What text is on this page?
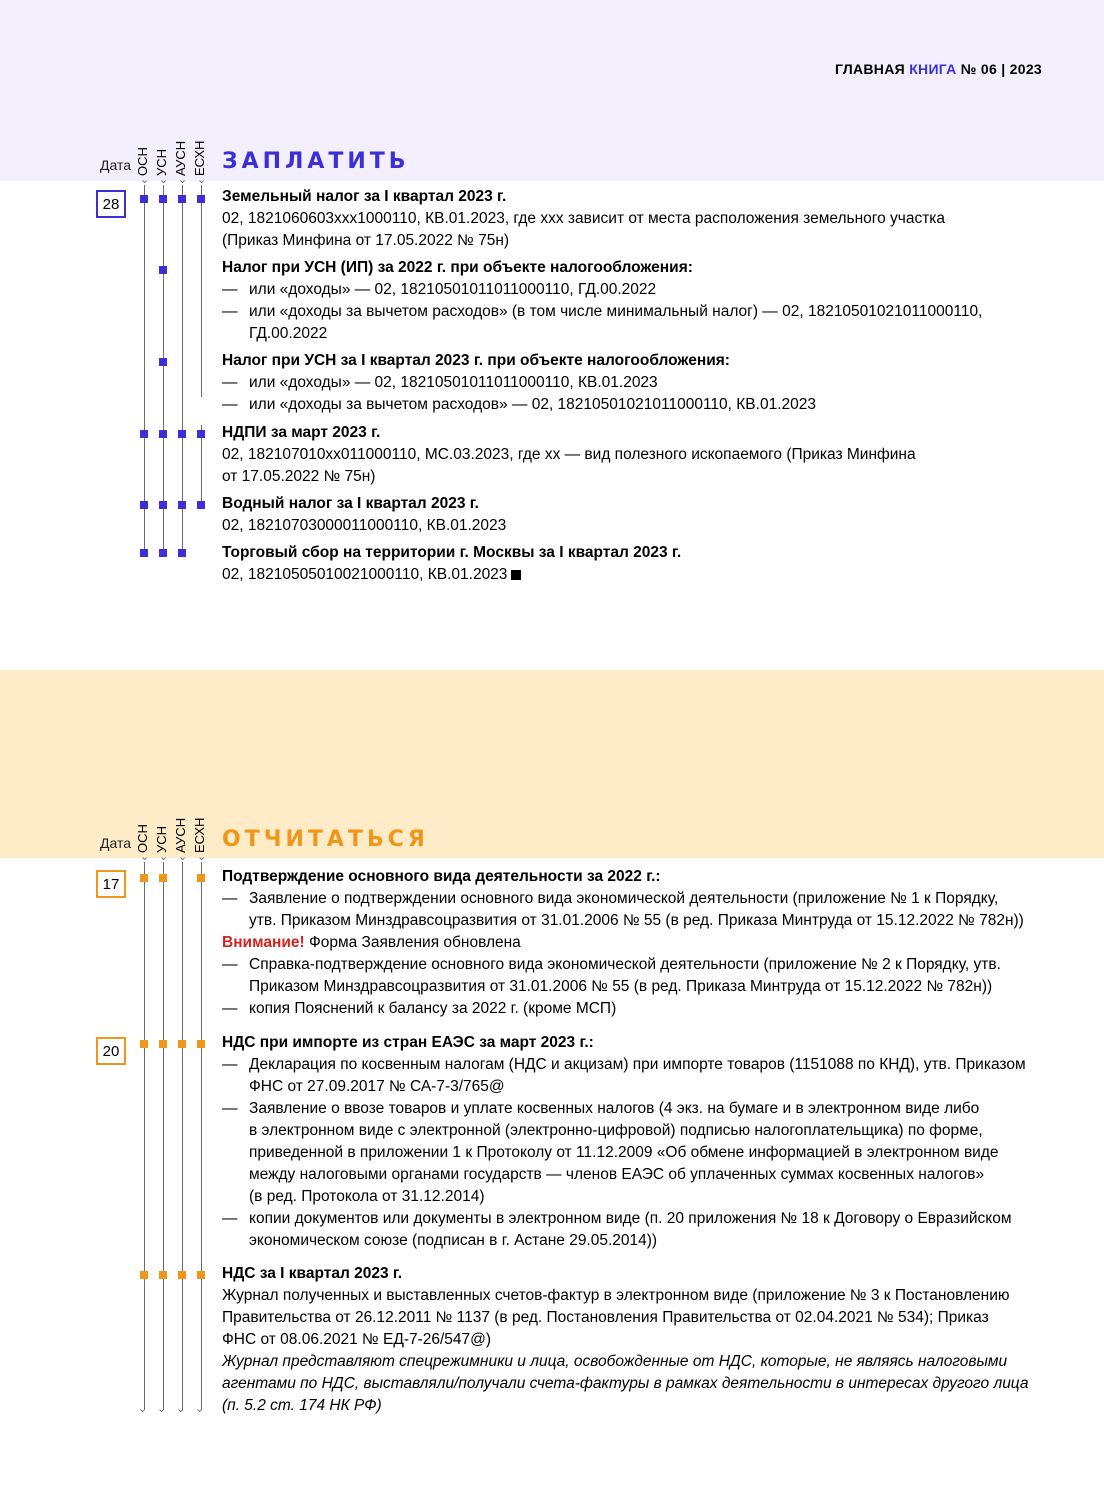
ГЛАВНАЯ КНИГА № 06 | 2023
Дата ОСН УСН АУСН ЕСХН
⌄ ⌄ ⌄ ⌄
ЗАПЛАТИТЬ
28	Земельный налог за I квартал 2023 г.
02, 1821060603xxx1000110, КВ.01.2023, где xxx зависит от места расположения земельного участка
(Приказ Минфина от 17.05.2022 № 75н)
Налог при УСН (ИП) за 2022 г. при объекте налогообложения:
— или «доходы» — 02, 18210501011011000110, ГД.00.2022
— или «доходы за вычетом расходов» (в том числе минимальный налог) — 02, 18210501021011000110,
ГД.00.2022
Налог при УСН за I квартал 2023 г. при объекте налогообложения:
— или «доходы» — 02, 18210501011011000110, КВ.01.2023
— или «доходы за вычетом расходов» — 02, 18210501021011000110, КВ.01.2023
НДПИ за март 2023 г.
02, 182107010xx011000110, МС.03.2023, где xx — вид полезного ископаемого (Приказ Минфина
от 17.05.2022 № 75н)
Водный налог за I квартал 2023 г.
02, 18210703000011000110, КВ.01.2023
Торговый сбор на территории г. Москвы за I квартал 2023 г.
02, 18210505010021000110, КВ.01.2023
Дата ОСН УСН АУСН ЕСХН
⌄ ⌄ ⌄ ⌄
ОТЧИТАТЬСЯ
⌄ ⌄ ⌄ ⌄
17
20
Подтверждение основного вида деятельности за 2022 г.:
— Заявление о подтверждении основного вида экономической деятельности (приложение № 1 к Порядку,
утв. Приказом Минздравсоцразвития от 31.01.2006 № 55 (в ред. Приказа Минтруда от 15.12.2022 № 782н))
Внимание! Форма Заявления обновлена
— Справка-подтверждение основного вида экономической деятельности (приложение № 2 к Порядку, утв.
Приказом Минздравсоцразвития от 31.01.2006 № 55 (в ред. Приказа Минтруда от 15.12.2022 № 782н))
— копия Пояснений к балансу за 2022 г. (кроме МСП)
НДС при импорте из стран ЕАЭС за март 2023 г.:
— Декларация по косвенным налогам (НДС и акцизам) при импорте товаров (1151088 по КНД), утв. Приказом
ФНС от 27.09.2017 № СА-7-3/765@
— Заявление о ввозе товаров и уплате косвенных налогов (4 экз. на бумаге и в электронном виде либо
в электронном виде с электронной (электронно-цифровой) подписью налогоплательщика) по форме,
приведенной в приложении 1 к Протоколу от 11.12.2009 «Об обмене информацией в электронном виде
между налоговыми органами государств — членов ЕАЭС об уплаченных суммах косвенных налогов»
(в ред. Протокола от 31.12.2014)
— копии документов или документы в электронном виде (п. 20 приложения № 18 к Договору о Евразийском
экономическом союзе (подписан в г. Астане 29.05.2014))
НДС за I квартал 2023 г.
Журнал полученных и выставленных счетов-фактур в электронном виде (приложение № 3 к Постановлению
Правительства от 26.12.2011 № 1137 (в ред. Постановления Правительства от 02.04.2021 № 534); Приказ
ФНС от 08.06.2021 № ЕД-7-26/547@)
Журнал представляют спецрежимники и лица, освобожденные от НДС, которые, не являясь налоговыми
агентами по НДС, выставляли/получали счета-фактуры в рамках деятельности в интересах другого лица
(п. 5.2 ст. 174 НК РФ)
